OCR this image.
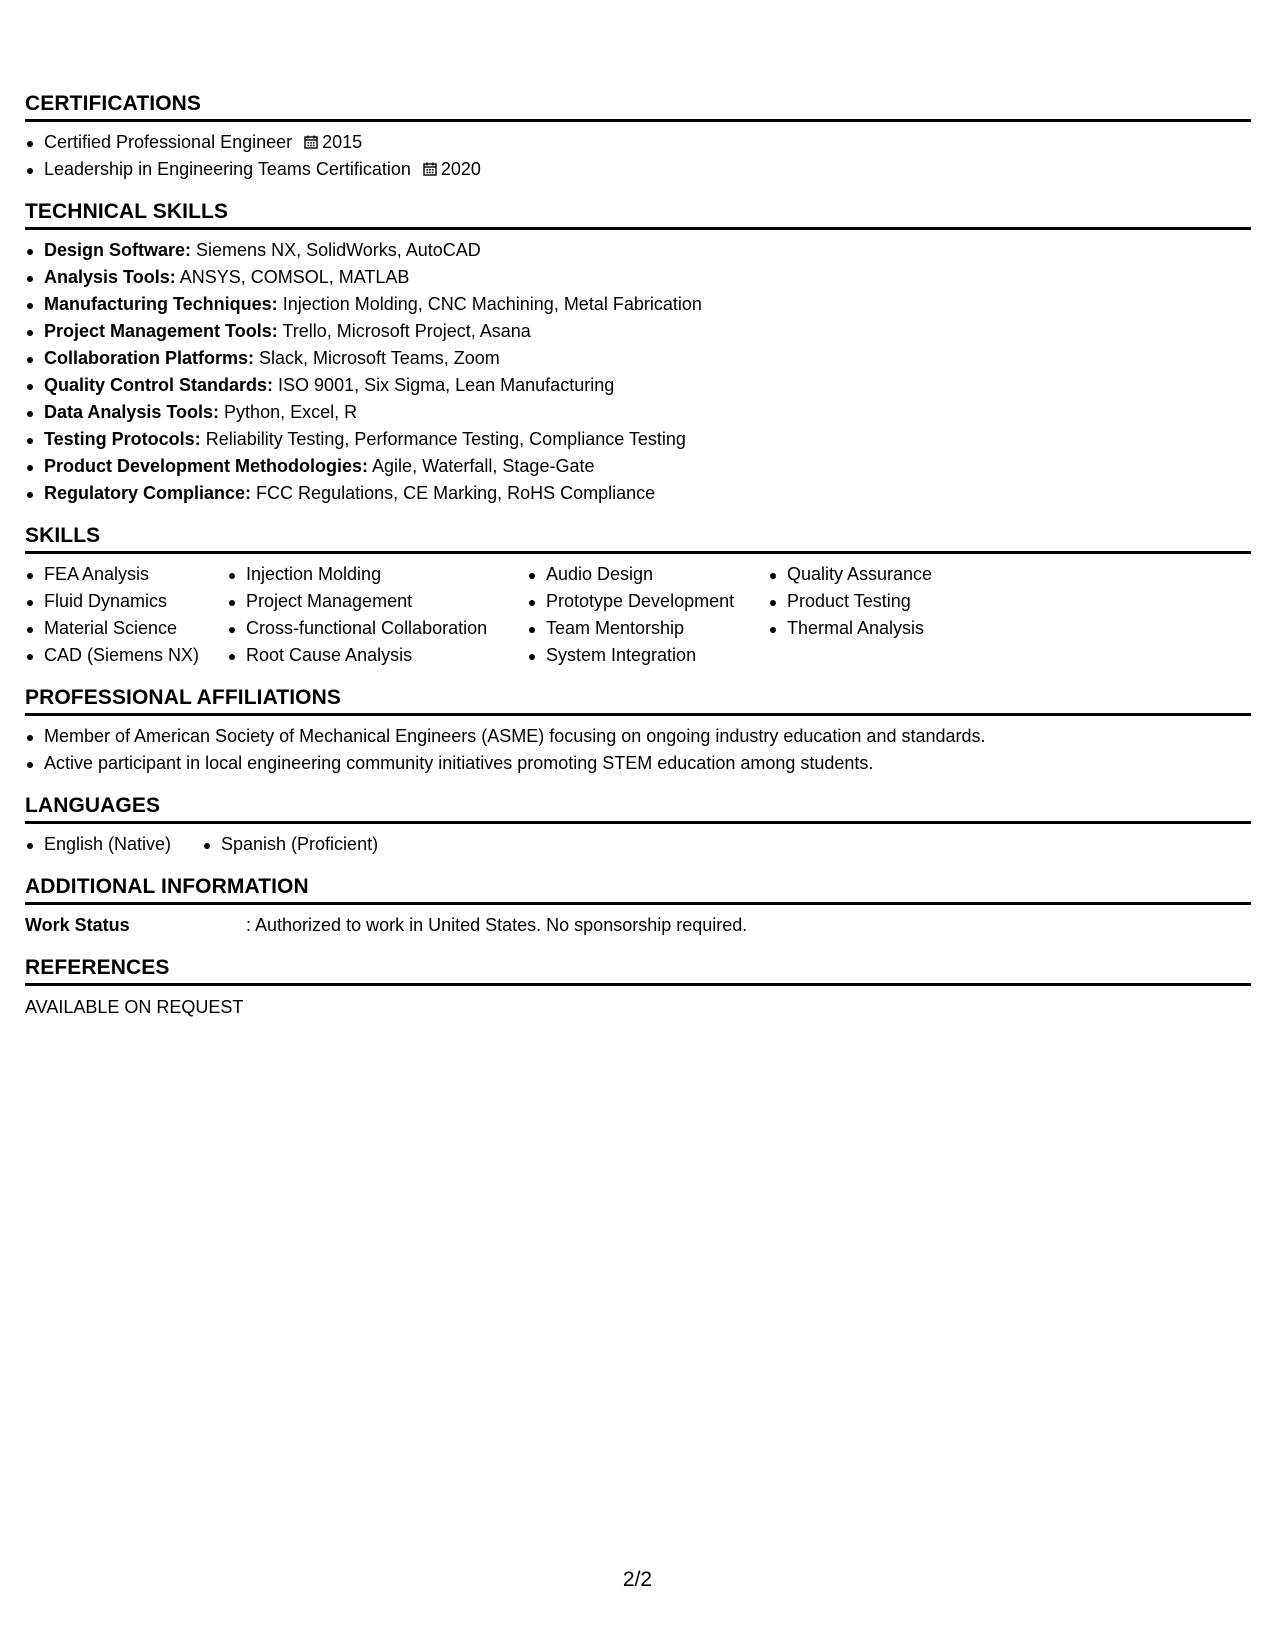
CERTIFICATIONS
Certified Professional Engineer 2015
Leadership in Engineering Teams Certification 2020
TECHNICAL SKILLS
Design Software: Siemens NX, SolidWorks, AutoCAD
Analysis Tools: ANSYS, COMSOL, MATLAB
Manufacturing Techniques: Injection Molding, CNC Machining, Metal Fabrication
Project Management Tools: Trello, Microsoft Project, Asana
Collaboration Platforms: Slack, Microsoft Teams, Zoom
Quality Control Standards: ISO 9001, Six Sigma, Lean Manufacturing
Data Analysis Tools: Python, Excel, R
Testing Protocols: Reliability Testing, Performance Testing, Compliance Testing
Product Development Methodologies: Agile, Waterfall, Stage-Gate
Regulatory Compliance: FCC Regulations, CE Marking, RoHS Compliance
SKILLS
FEA Analysis
Fluid Dynamics
Material Science
CAD (Siemens NX)
Injection Molding
Project Management
Cross-functional Collaboration
Root Cause Analysis
Audio Design
Prototype Development
Team Mentorship
System Integration
Quality Assurance
Product Testing
Thermal Analysis
PROFESSIONAL AFFILIATIONS
Member of American Society of Mechanical Engineers (ASME) focusing on ongoing industry education and standards.
Active participant in local engineering community initiatives promoting STEM education among students.
LANGUAGES
English (Native)	Spanish (Proficient)
ADDITIONAL INFORMATION
Work Status	: Authorized to work in United States. No sponsorship required.
REFERENCES
AVAILABLE ON REQUEST
2/2
